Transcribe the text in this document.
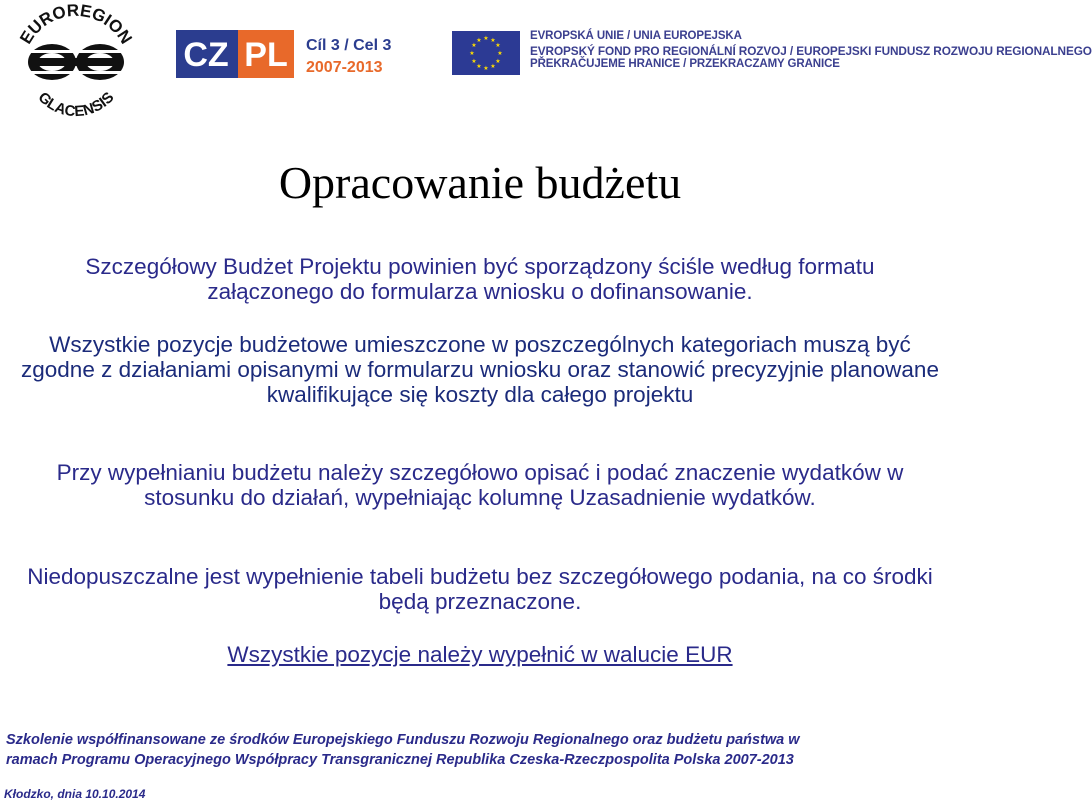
EUROREGION
GLACENSIS
CZ PL Cíl 3 / Cel 3
2007-2013
★ ★
★
★
★
★
★
★
★
★
★
★	EVROPSKÁ UNIE / UNIA EUROPEJSKA
EVROPSKÝ FOND PRO REGIONÁLNÍ ROZVOJ / EUROPEJSKI FUNDUSZ ROZWOJU REGIONALNEGO
PŘEKRAČUJEME HRANICE / PRZEKRACZAMY GRANICE
Opracowanie budżetu

Szczegółowy Budżet Projektu powinien być sporządzony ściśle według formatu załączonego do formularza wniosku o dofinansowanie.

Wszystkie pozycje budżetowe umieszczone w poszczególnych kategoriach muszą być zgodne z działaniami opisanymi w formularzu wniosku oraz stanowić precyzyjnie planowane kwalifikujące się koszty dla całego projektu

Przy wypełnianiu budżetu należy szczegółowo opisać i podać znaczenie wydatków w stosunku do działań, wypełniając kolumnę Uzasadnienie wydatków.

Niedopuszczalne jest wypełnienie tabeli budżetu bez szczegółowego podania, na co środki będą przeznaczone.

Wszystkie pozycje należy wypełnić w walucie EUR

Szkolenie współfinansowane ze środków Europejskiego Funduszu Rozwoju Regionalnego oraz budżetu państwa w
ramach Programu Operacyjnego Współpracy Transgranicznej Republika Czeska-Rzeczpospolita Polska 2007-2013
Kłodzko, dnia 10.10.2014
